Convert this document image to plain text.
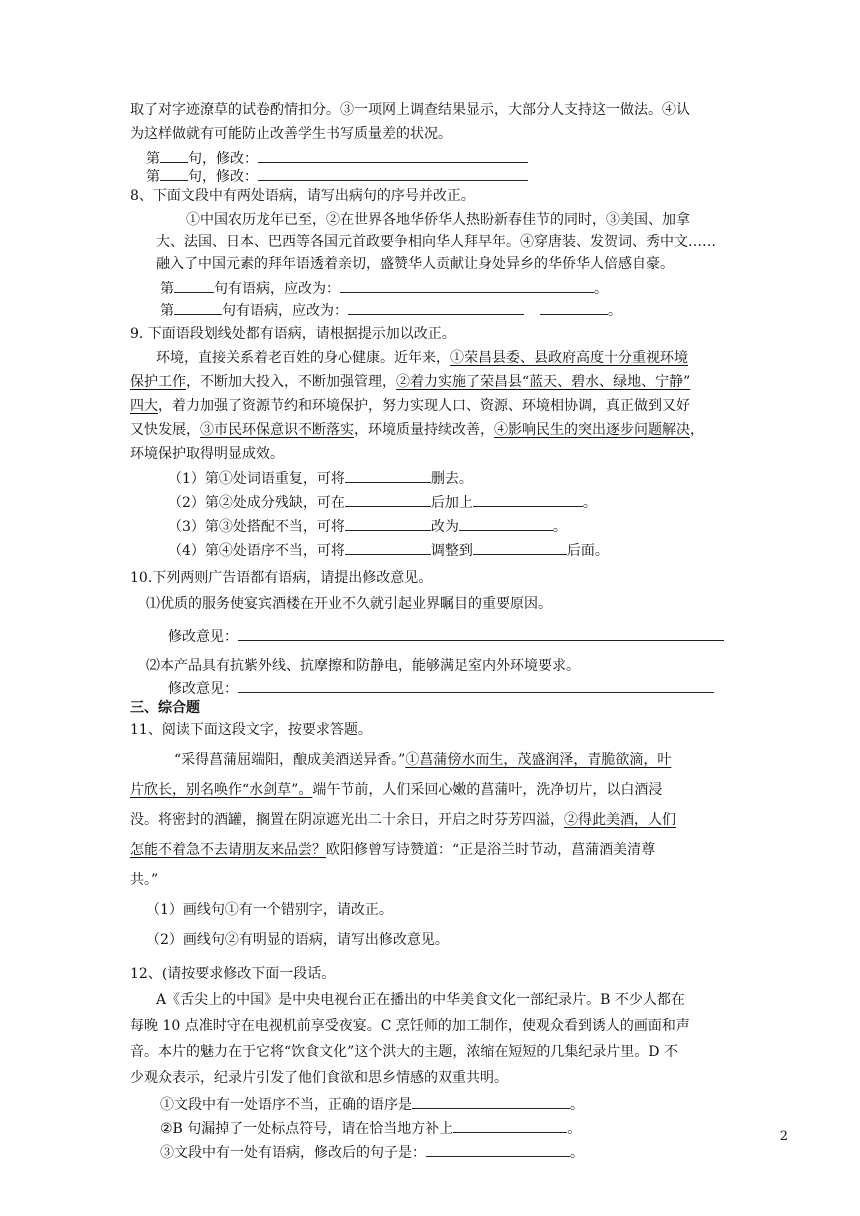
取了对字迹潦草的试卷酌情扣分。③一项网上调查结果显示，大部分人支持这一做法。④认
为这样做就有可能防止改善学生书写质量差的状况。
第 句，修改：
第 句，修改：
8、下面文段中有两处语病，请写出病句的序号并改正。
①中国农历龙年已至，②在世界各地华侨华人热盼新春佳节的同时，③美国、加拿
大、法国、日本、巴西等各国元首政要争相向华人拜早年。④穿唐装、发贺词、秀中文……
融入了中国元素的拜年语透着亲切，盛赞华人贡献让身处异乡的华侨华人倍感自豪。
第	句有语病，应改为：	。
第	句有语病，应改为：	。
9. 下面语段划线处都有语病，请根据提示加以改正。
环境，直接关系着老百姓的身心健康。近年来，①荣昌县委、县政府高度十分重视环境
保护工作，不断加大投入，不断加强管理，②着力实施了荣昌县“蓝天、碧水、绿地、宁静”
四大，着力加强了资源节约和环境保护，努力实现人口、资源、环境相协调，真正做到又好
又快发展，③市民环保意识不断落实，环境质量持续改善，④影响民生的突出逐步问题解决，
环境保护取得明显成效。
（1）第①处词语重复，可将	删去。
（2）第②处成分残缺，可在	后加上	。
（3）第③处搭配不当，可将	改为	。
（4）第④处语序不当，可将	调整到	后面。
10.下列两则广告语都有语病，请提出修改意见。
⑴优质的服务使宴宾酒楼在开业不久就引起业界瞩目的重要原因。
修改意见：
⑵本产品具有抗紫外线、抗摩擦和防静电，能够满足室内外环境要求。
修改意见：
三、综合题
11、阅读下面这段文字，按要求答题。
“采得菖蒲屈端阳，酿成美酒送异香。”①菖蒲傍水而生，茂盛润泽，青脆欲滴，叶
片欣长，别名唤作“水剑草”。端午节前，人们采回心嫩的菖蒲叶，洗净切片，以白酒浸
没。将密封的酒罐，搁置在阴凉遮光出二十余日，开启之时芬芳四溢，②得此美酒，人们
怎能不着急不去请朋友来品尝？欧阳修曾写诗赞道：“正是浴兰时节动，菖蒲酒美清尊
共。”
（1）画线句①有一个错别字，请改正。
（2）画线句②有明显的语病，请写出修改意见。
12、(请按要求修改下面一段话。
A《舌尖上的中国》是中央电视台正在播出的中华美食文化一部纪录片。B 不少人都在
每晚 10 点准时守在电视机前享受夜宴。C 烹饪师的加工制作，使观众看到诱人的画面和声
音。本片的魅力在于它将“饮食文化”这个洪大的主题，浓缩在短短的几集纪录片里。D 不
少观众表示，纪录片引发了他们食欲和思乡情感的双重共明。
①文段中有一处语序不当，正确的语序是	。
②B 句漏掉了一处标点符号，请在恰当地方补上	。
③文段中有一处有语病，修改后的句子是：	。
2
